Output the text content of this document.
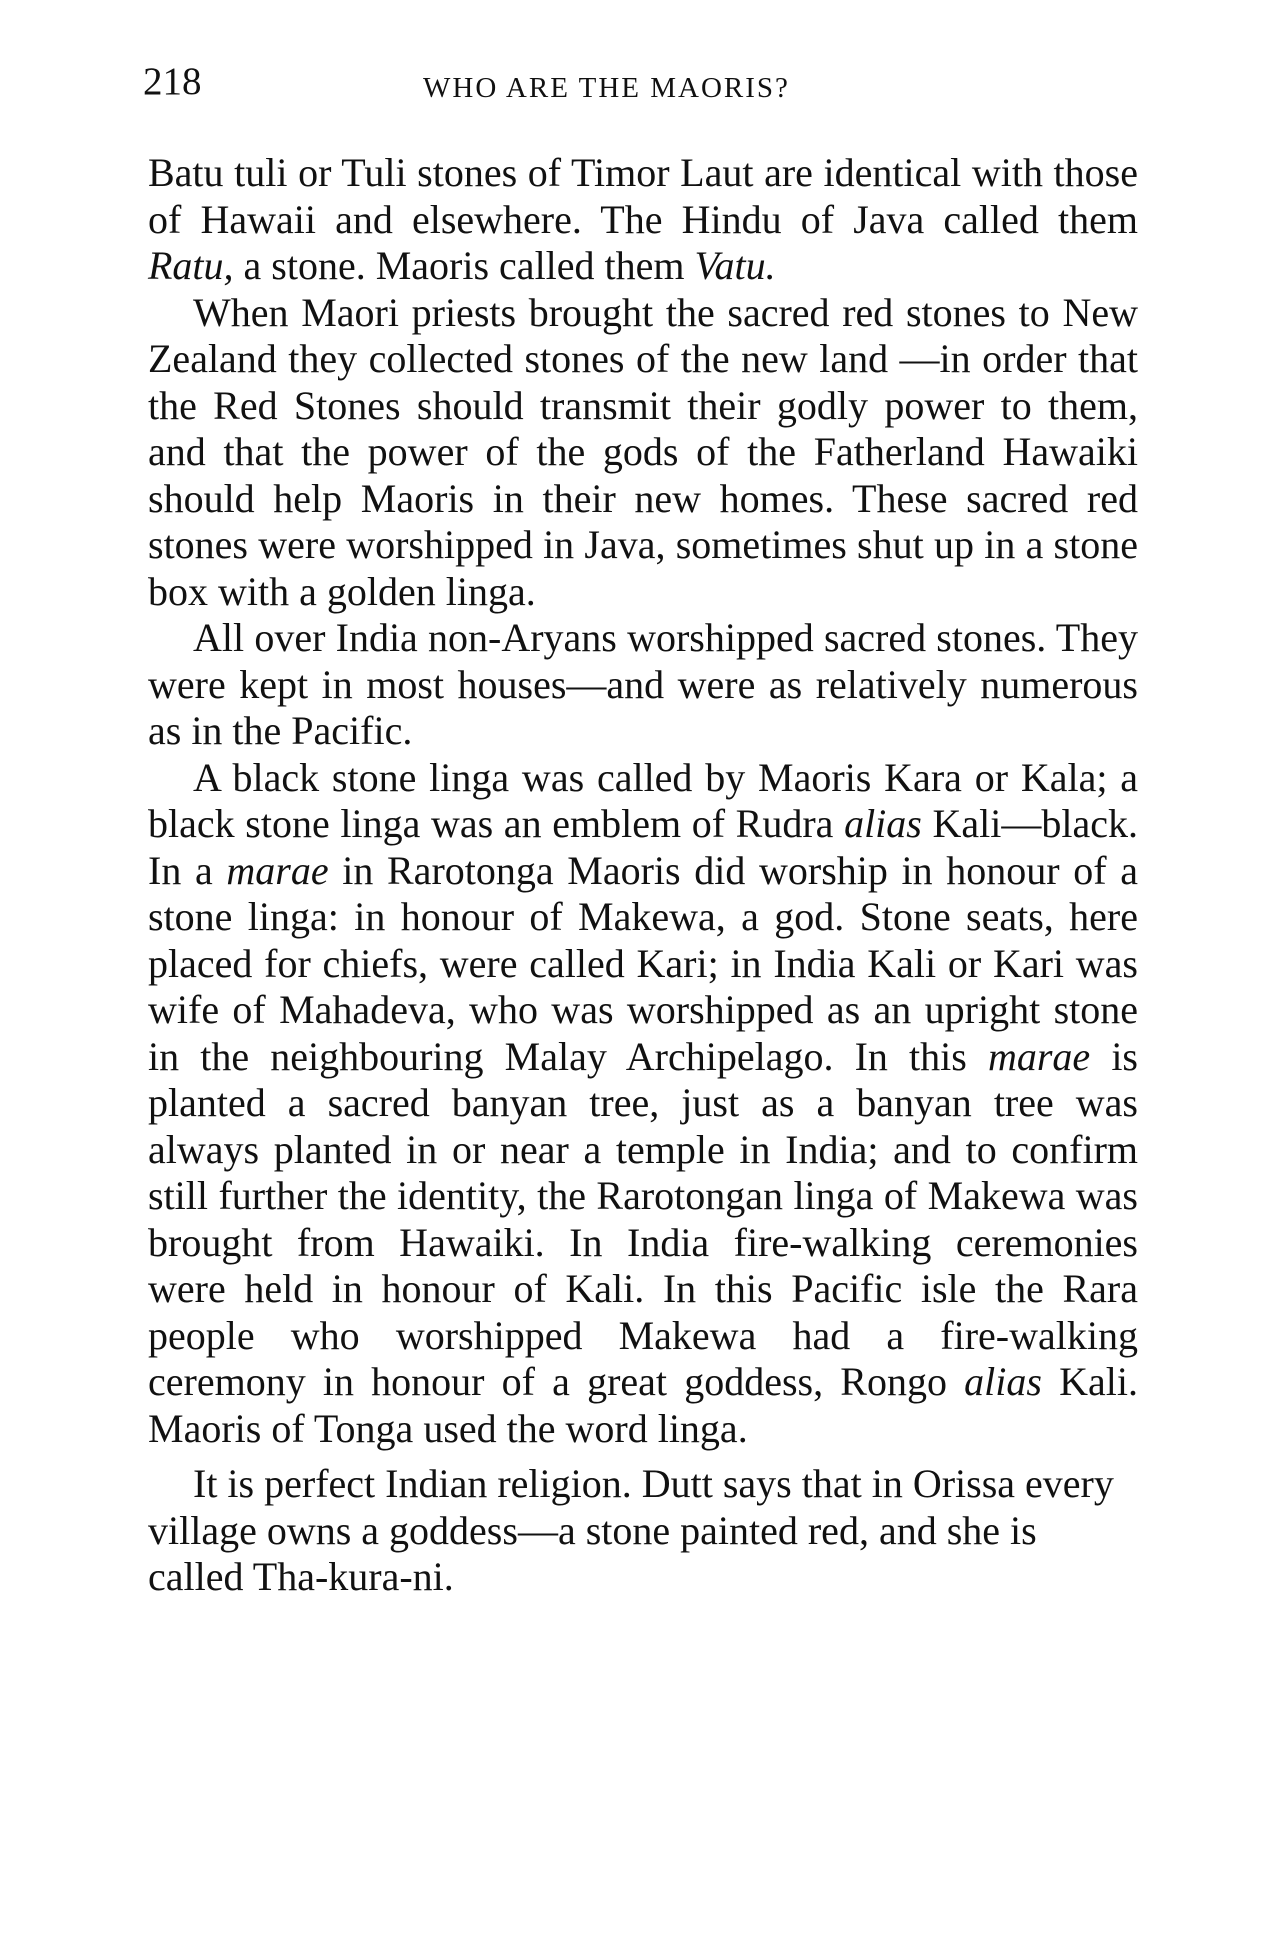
218	WHO ARE THE MAORIS?

Batu tuli or Tuli stones of Timor Laut are identical with those of Hawaii and elsewhere. The Hindu of Java called them Ratu, a stone. Maoris called them Vatu.

When Maori priests brought the sacred red stones to New Zealand they collected stones of the new land —in order that the Red Stones should transmit their godly power to them, and that the power of the gods of the Fatherland Hawaiki should help Maoris in their new homes. These sacred red stones were worshipped in Java, sometimes shut up in a stone box with a golden linga.

All over India non-Aryans worshipped sacred stones. They were kept in most houses—and were as relatively numerous as in the Pacific.

A black stone linga was called by Maoris Kara or Kala; a black stone linga was an emblem of Rudra alias Kali—black. In a marae in Rarotonga Maoris did worship in honour of a stone linga: in honour of Makewa, a god. Stone seats, here placed for chiefs, were called Kari; in India Kali or Kari was wife of Mahadeva, who was worshipped as an upright stone in the neighbouring Malay Archipelago. In this marae is planted a sacred banyan tree, just as a banyan tree was always planted in or near a temple in India; and to confirm still further the identity, the Rarotongan linga of Makewa was brought from Hawaiki. In India fire-walking ceremonies were held in honour of Kali. In this Pacific isle the Rara people who worshipped Makewa had a fire-walking ceremony in honour of a great goddess, Rongo alias Kali. Maoris of Tonga used the word linga.

It is perfect Indian religion. Dutt says that in Orissa every village owns a goddess—a stone painted red, and she is called Tha-kura-ni.
